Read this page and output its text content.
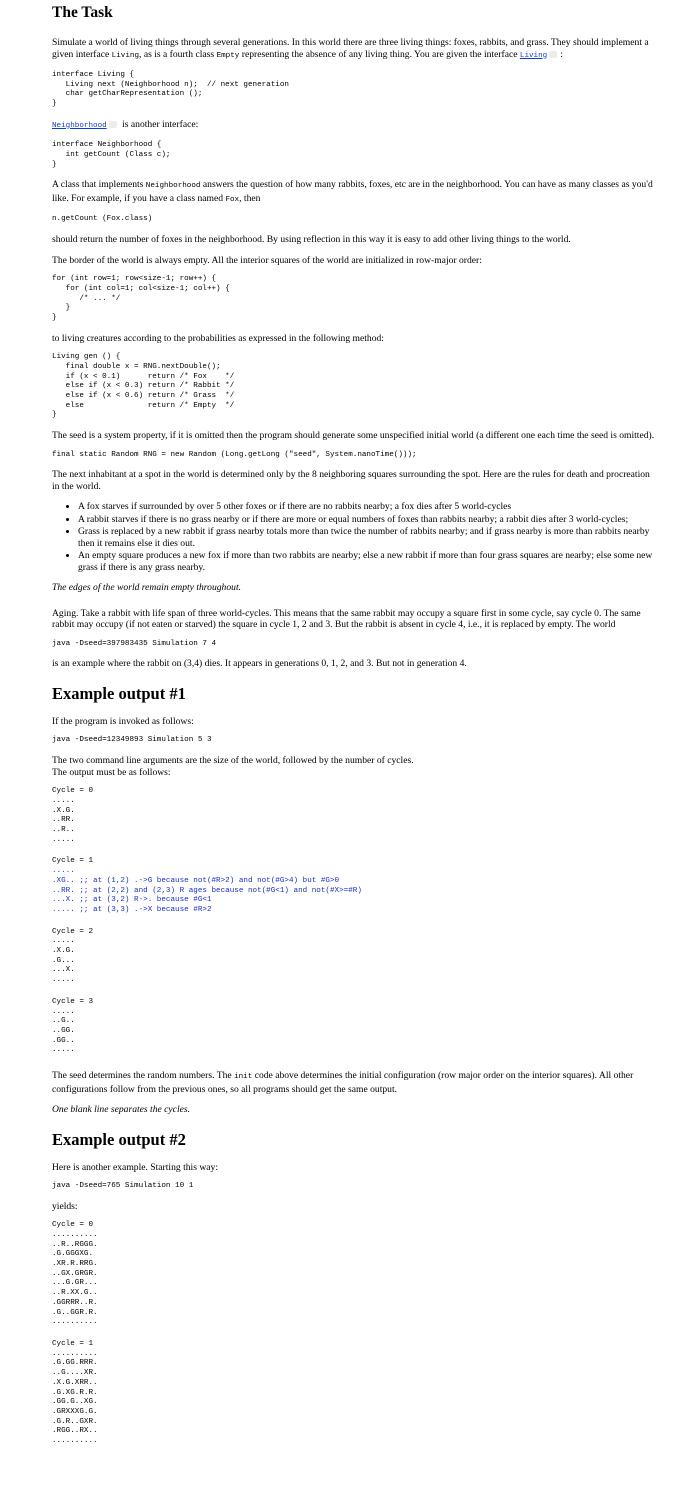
The Task

Simulate a world of living things through several generations. In this world there are three living things: foxes, rabbits, and grass. They should implement a given interface Living, as is a fourth class Empty representing the absence of any living thing. You are given the interface Living :

interface Living {
Living next (Neighborhood n);  // next generation
char getCharRepresentation ();
}

Neighborhood is another interface:

interface Neighborhood {
int getCount (Class c);
}

A class that implements Neighborhood answers the question of how many rabbits, foxes, etc are in the neighborhood. You can have as many classes as you'd like. For example, if you have a class named Fox, then

n.getCount (Fox.class)

should return the number of foxes in the neighborhood. By using reflection in this way it is easy to add other living things to the world.

The border of the world is always empty. All the interior squares of the world are initialized in row-major order:

for (int row=1; row<size-1; row++) {
for (int col=1; col<size-1; col++) {
/* ... */
}
}

to living creatures according to the probabilities as expressed in the following method:

Living gen () {
final double x = RNG.nextDouble();
if (x < 0.1)      return /* Fox    */
else if (x < 0.3) return /* Rabbit */
else if (x < 0.6) return /* Grass  */
else              return /* Empty  */
}

The seed is a system property, if it is omitted then the program should generate some unspecified initial world (a different one each time the seed is omitted).

final static Random RNG = new Random (Long.getLong ("seed", System.nanoTime()));

The next inhabitant at a spot in the world is determined only by the 8 neighboring squares surrounding the spot. Here are the rules for death and procreation in the world.

• A fox starves if surrounded by over 5 other foxes or if there are no rabbits nearby; a fox dies after 5 world-cycles
• A rabbit starves if there is no grass nearby or if there are more or equal numbers of foxes than rabbits nearby; a rabbit dies after 3 world-cycles;
• Grass is replaced by a new rabbit if grass nearby totals more than twice the number of rabbits nearby; and if grass nearby is more than rabbits nearby then it remains else it dies out.
• An empty square produces a new fox if more than two rabbits are nearby; else a new rabbit if more than four grass squares are nearby; else some new grass if there is any grass nearby.

The edges of the world remain empty throughout.

Aging. Take a rabbit with life span of three world-cycles. This means that the same rabbit may occupy a square first in some cycle, say cycle 0. The same rabbit may occupy (if not eaten or starved) the square in cycle 1, 2 and 3. But the rabbit is absent in cycle 4, i.e., it is replaced by empty. The world

java -Dseed=397983435 Simulation 7 4

is an example where the rabbit on (3,4) dies. It appears in generations 0, 1, 2, and 3. But not in generation 4.

Example output #1

If the program is invoked as follows:

java -Dseed=12349893 Simulation 5 3

The two command line arguments are the size of the world, followed by the number of cycles.
The output must be as follows:

Cycle = 0
.....
.X.G.
..RR.
..R..
.....
Cycle = 1
.....
.XG.. ;; at (1,2) .->G because not(#R>2) and not(#G>4) but #G>0
..RR. ;; at (2,2) and (2,3) R ages because not(#G<1) and not(#X>=#R)
...X. ;; at (3,2) R->. because #G<1
..... ;; at (3,3) .->X because #R>2
Cycle = 2
.....
.X.G.
.G...
...X.
.....
Cycle = 3
.....
..G..
..GG.
.GG..
.....

The seed determines the random numbers. The init code above determines the initial configuration (row major order on the interior squares). All other configurations follow from the previous ones, so all programs should get the same output.

One blank line separates the cycles.

Example output #2

Here is another example. Starting this way:

java -Dseed=765 Simulation 10 1

yields:

Cycle = 0
..........
..R..RGGG.
.G.GGGXG.
.XR.R.RRG.
..GX.GRGR.
...G.GR...
..R.XX.G..
.GGRRR..R.
.G..GGR.R.
..........
Cycle = 1
..........
.G.GG.RRR.
..G....XR.
.X.G.XRR..
.G.XG.R.R.
.GG.G..XG.
.GRXXXG.G.
.G.R..GXR.
.RGG..RX..
..........
